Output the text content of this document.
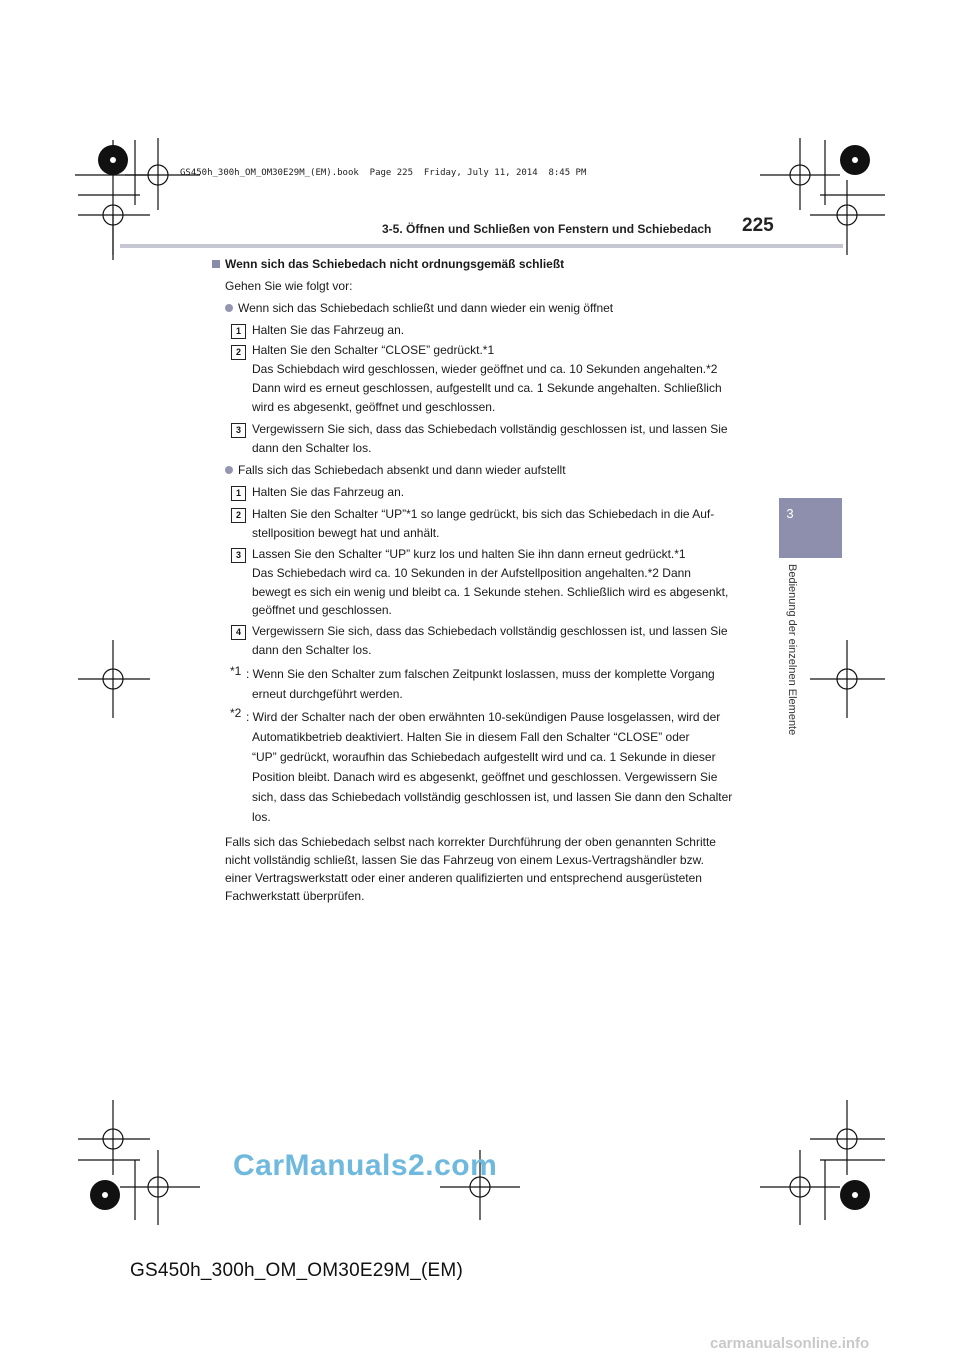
GS450h_300h_OM_OM30E29M_(EM).book  Page 225  Friday, July 11, 2014  8:45 PM
3-5. Öffnen und Schließen von Fenstern und Schiebedach 225
3
Bedienung der einzelnen Elemente
Wenn sich das Schiebedach nicht ordnungsgemäß schließt
Gehen Sie wie folgt vor:
Wenn sich das Schiebedach schließt und dann wieder ein wenig öffnet
1 Halten Sie das Fahrzeug an.
2 Halten Sie den Schalter “CLOSE” gedrückt.*1
Das Schiebdach wird geschlossen, wieder geöffnet und ca. 10 Sekunden angehalten.*2
Dann wird es erneut geschlossen, aufgestellt und ca. 1 Sekunde angehalten. Schließlich
wird es abgesenkt, geöffnet und geschlossen.
3 Vergewissern Sie sich, dass das Schiebedach vollständig geschlossen ist, und lassen Sie
dann den Schalter los.
Falls sich das Schiebedach absenkt und dann wieder aufstellt
1 Halten Sie das Fahrzeug an.
2 Halten Sie den Schalter “UP”*1 so lange gedrückt, bis sich das Schiebedach in die Auf-
stellposition bewegt hat und anhält.
3 Lassen Sie den Schalter “UP” kurz los und halten Sie ihn dann erneut gedrückt.*1
Das Schiebedach wird ca. 10 Sekunden in der Aufstellposition angehalten.*2 Dann
bewegt es sich ein wenig und bleibt ca. 1 Sekunde stehen. Schließlich wird es abgesenkt,
geöffnet und geschlossen.
4 Vergewissern Sie sich, dass das Schiebedach vollständig geschlossen ist, und lassen Sie
dann den Schalter los.
*1 : Wenn Sie den Schalter zum falschen Zeitpunkt loslassen, muss der komplette Vorgang
erneut durchgeführt werden.
*2 : Wird der Schalter nach der oben erwähnten 10-sekündigen Pause losgelassen, wird der
Automatikbetrieb deaktiviert. Halten Sie in diesem Fall den Schalter “CLOSE” oder
“UP” gedrückt, woraufhin das Schiebedach aufgestellt wird und ca. 1 Sekunde in dieser
Position bleibt. Danach wird es abgesenkt, geöffnet und geschlossen. Vergewissern Sie
sich, dass das Schiebedach vollständig geschlossen ist, und lassen Sie dann den Schalter
los.
Falls sich das Schiebedach selbst nach korrekter Durchführung der oben genannten Schritte
nicht vollständig schließt, lassen Sie das Fahrzeug von einem Lexus-Vertragshändler bzw.
einer Vertragswerkstatt oder einer anderen qualifizierten und entsprechend ausgerüsteten
Fachwerkstatt überprüfen.
CarManuals2.com
GS450h_300h_OM_OM30E29M_(EM)
carmanualsonline.info
